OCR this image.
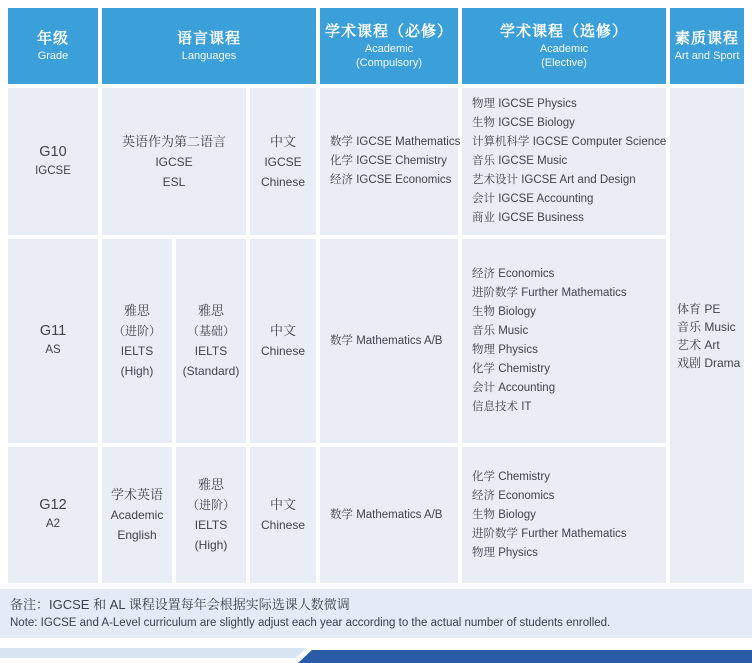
年级
Grade
语言课程
Languages
学术课程（必修）
Academic
(Compulsory)
学术课程（选修）
Academic
(Elective)
素质课程
Art and Sport
G10
IGCSE
英语作为第二语言
IGCSE
ESL
中文
IGCSE
Chinese
数学 IGCSE Mathematics
化学 IGCSE Chemistry
经济 IGCSE Economics
物理 IGCSE Physics
生物 IGCSE Biology
计算机科学 IGCSE Computer Science
音乐 IGCSE Music
艺术设计 IGCSE Art and Design
会计 IGCSE Accounting
商业 IGCSE Business
体育 PE
音乐 Music
艺术 Art
戏剧 Drama
G11
AS
雅思
（进阶）
IELTS
(High)
雅思
（基础）
IELTS
(Standard)
中文
Chinese
数学 Mathematics A/B
经济 Economics
进阶数学 Further Mathematics
生物 Biology
音乐 Music
物理 Physics
化学 Chemistry
会计 Accounting
信息技术 IT
G12
A2
学术英语
Academic
English
雅思
（进阶）
IELTS
(High)
中文
Chinese
数学 Mathematics A/B
化学 Chemistry
经济 Economics
生物 Biology
进阶数学 Further Mathematics
物理 Physics
备注：IGCSE 和 AL 课程设置每年会根据实际选课人数微调
Note: IGCSE and A-Level curriculum are slightly adjust each year according to the actual number of students enrolled.
